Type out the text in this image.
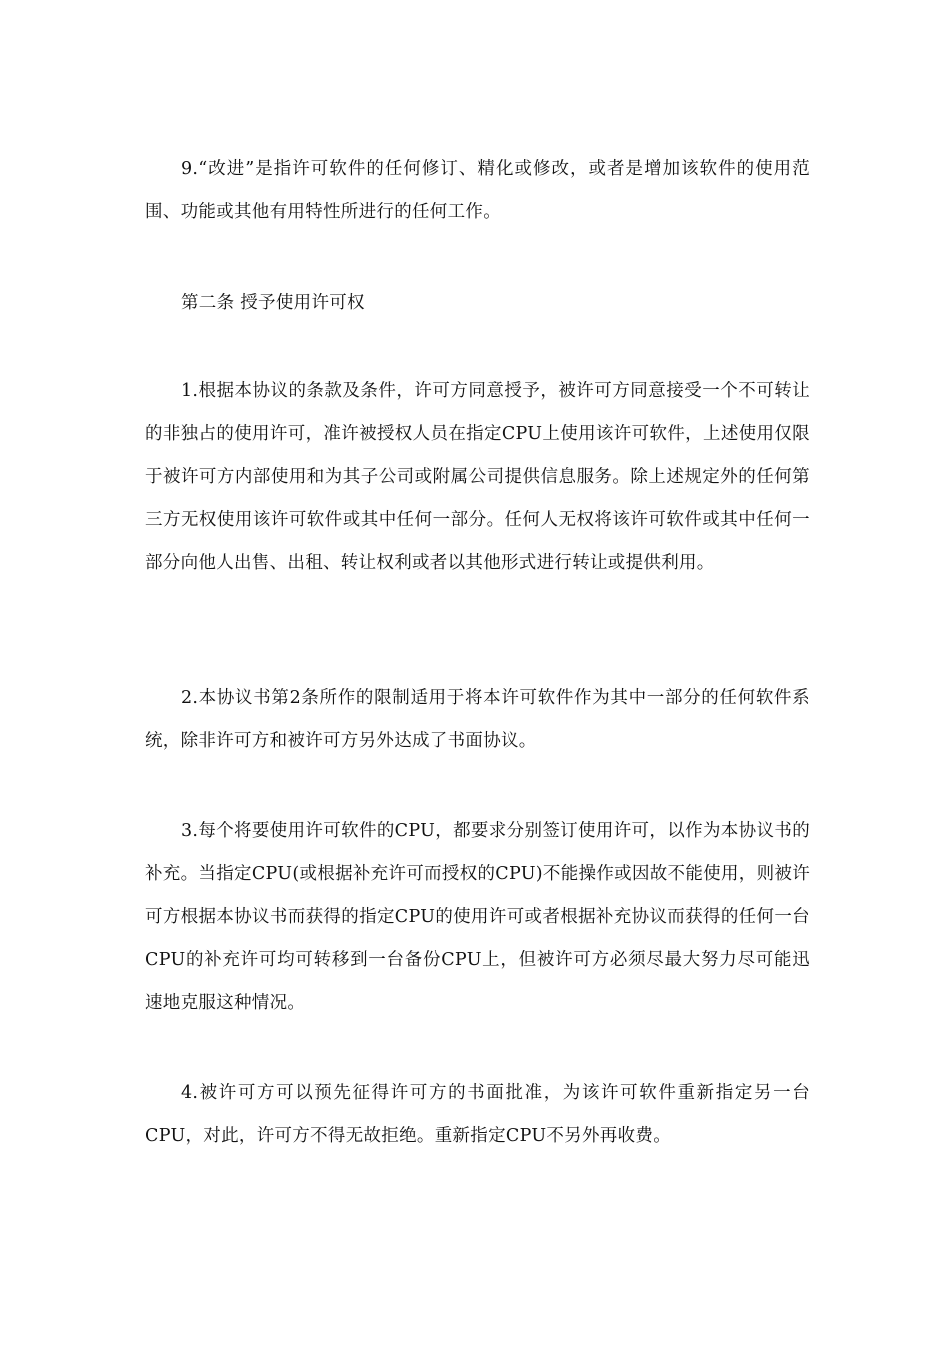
9.“改进”是指许可软件的任何修订、精化或修改，或者是增加该软件的使用范围、功能或其他有用特性所进行的任何工作。

第二条 授予使用许可权

1.根据本协议的条款及条件，许可方同意授予，被许可方同意接受一个不可转让的非独占的使用许可，准许被授权人员在指定CPU上使用该许可软件，上述使用仅限于被许可方内部使用和为其子公司或附属公司提供信息服务。除上述规定外的任何第三方无权使用该许可软件或其中任何一部分。任何人无权将该许可软件或其中任何一部分向他人出售、出租、转让权利或者以其他形式进行转让或提供利用。

2.本协议书第2条所作的限制适用于将本许可软件作为其中一部分的任何软件系统，除非许可方和被许可方另外达成了书面协议。

3.每个将要使用许可软件的CPU，都要求分别签订使用许可，以作为本协议书的补充。当指定CPU(或根据补充许可而授权的CPU)不能操作或因故不能使用，则被许可方根据本协议书而获得的指定CPU的使用许可或者根据补充协议而获得的任何一台CPU的补充许可均可转移到一台备份CPU上，但被许可方必须尽最大努力尽可能迅速地克服这种情况。

4.被许可方可以预先征得许可方的书面批准，为该许可软件重新指定另一台CPU，对此，许可方不得无故拒绝。重新指定CPU不另外再收费。
